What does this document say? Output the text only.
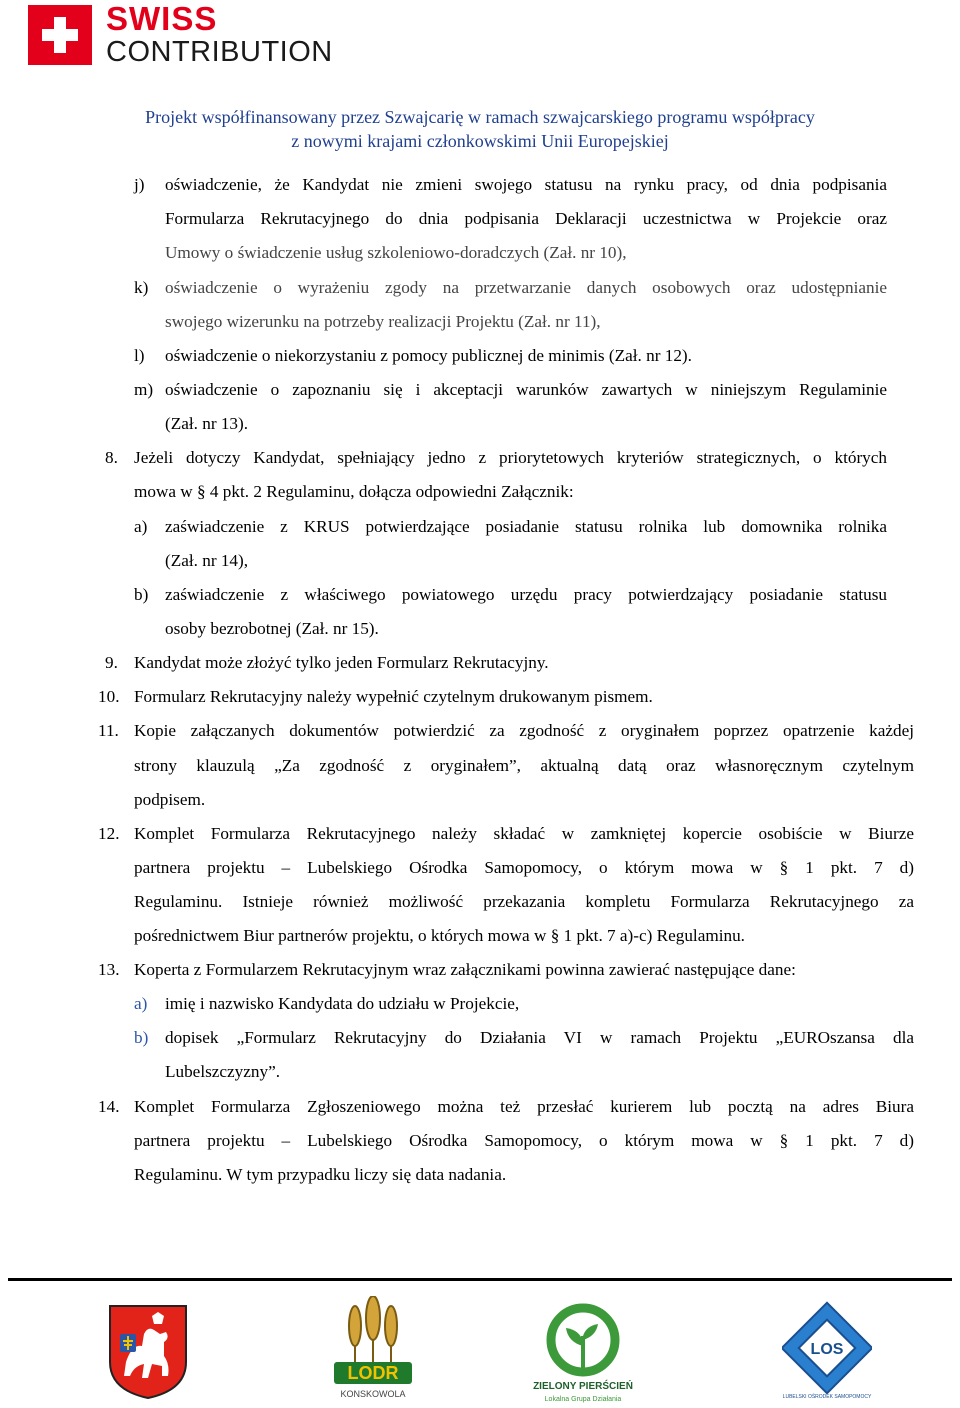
SWISS
CONTRIBUTION
Projekt współfinansowany przez Szwajcarię w ramach szwajcarskiego programu współpracy
z nowymi krajami członkowskimi Unii Europejskiej
j) oświadczenie, że Kandydat nie zmieni swojego statusu na rynku pracy, od dnia podpisania
Formularza Rekrutacyjnego do dnia podpisania Deklaracji uczestnictwa w Projekcie oraz
Umowy o świadczenie usług szkoleniowo-doradczych (Zał. nr 10),
k) oświadczenie o wyrażeniu zgody na przetwarzanie danych osobowych oraz udostępnianie
swojego wizerunku na potrzeby realizacji Projektu (Zał. nr 11),
l) oświadczenie o niekorzystaniu z pomocy publicznej de minimis (Zał. nr 12).
m) oświadczenie o zapoznaniu się i akceptacji warunków zawartych w niniejszym Regulaminie
(Zał. nr 13).
8. Jeżeli dotyczy Kandydat, spełniający jedno z priorytetowych kryteriów strategicznych, o których
mowa w § 4 pkt. 2 Regulaminu, dołącza odpowiedni Załącznik:
a) zaświadczenie z KRUS potwierdzające posiadanie statusu rolnika lub domownika rolnika
(Zał. nr 14),
b) zaświadczenie z właściwego powiatowego urzędu pracy potwierdzający posiadanie statusu
osoby bezrobotnej (Zał. nr 15).
9. Kandydat może złożyć tylko jeden Formularz Rekrutacyjny.
10. Formularz Rekrutacyjny należy wypełnić czytelnym drukowanym pismem.
11. Kopie załączanych dokumentów potwierdzić za zgodność z oryginałem poprzez opatrzenie każdej
strony klauzulą „Za zgodność z oryginałem”, aktualną datą oraz własnoręcznym czytelnym
podpisem.
12. Komplet Formularza Rekrutacyjnego należy składać w zamkniętej kopercie osobiście w Biurze
partnera projektu – Lubelskiego Ośrodka Samopomocy, o którym mowa w § 1 pkt. 7 d)
Regulaminu. Istnieje również możliwość przekazania kompletu Formularza Rekrutacyjnego za
pośrednictwem Biur partnerów projektu, o których mowa w § 1 pkt. 7 a)-c) Regulaminu.
13. Koperta z Formularzem Rekrutacyjnym wraz załącznikami powinna zawierać następujące dane:
a) imię i nazwisko Kandydata do udziału w Projekcie,
b) dopisek „Formularz Rekrutacyjny do Działania VI w ramach Projektu „EUROszansa dla
Lubelszczyzny”.
14. Komplet Formularza Zgłoszeniowego można też przesłać kurierem lub pocztą na adres Biura
partnera projektu – Lubelskiego Ośrodka Samopomocy, o którym mowa w § 1 pkt. 7 d)
Regulaminu. W tym przypadku liczy się data nadania.
LODR
KONSKOWOLA
ZIELONY PIERŚCIEŃ
Lokalna Grupa Działania
LOS
LUBELSKI OŚRODEK SAMOPOMOCY
